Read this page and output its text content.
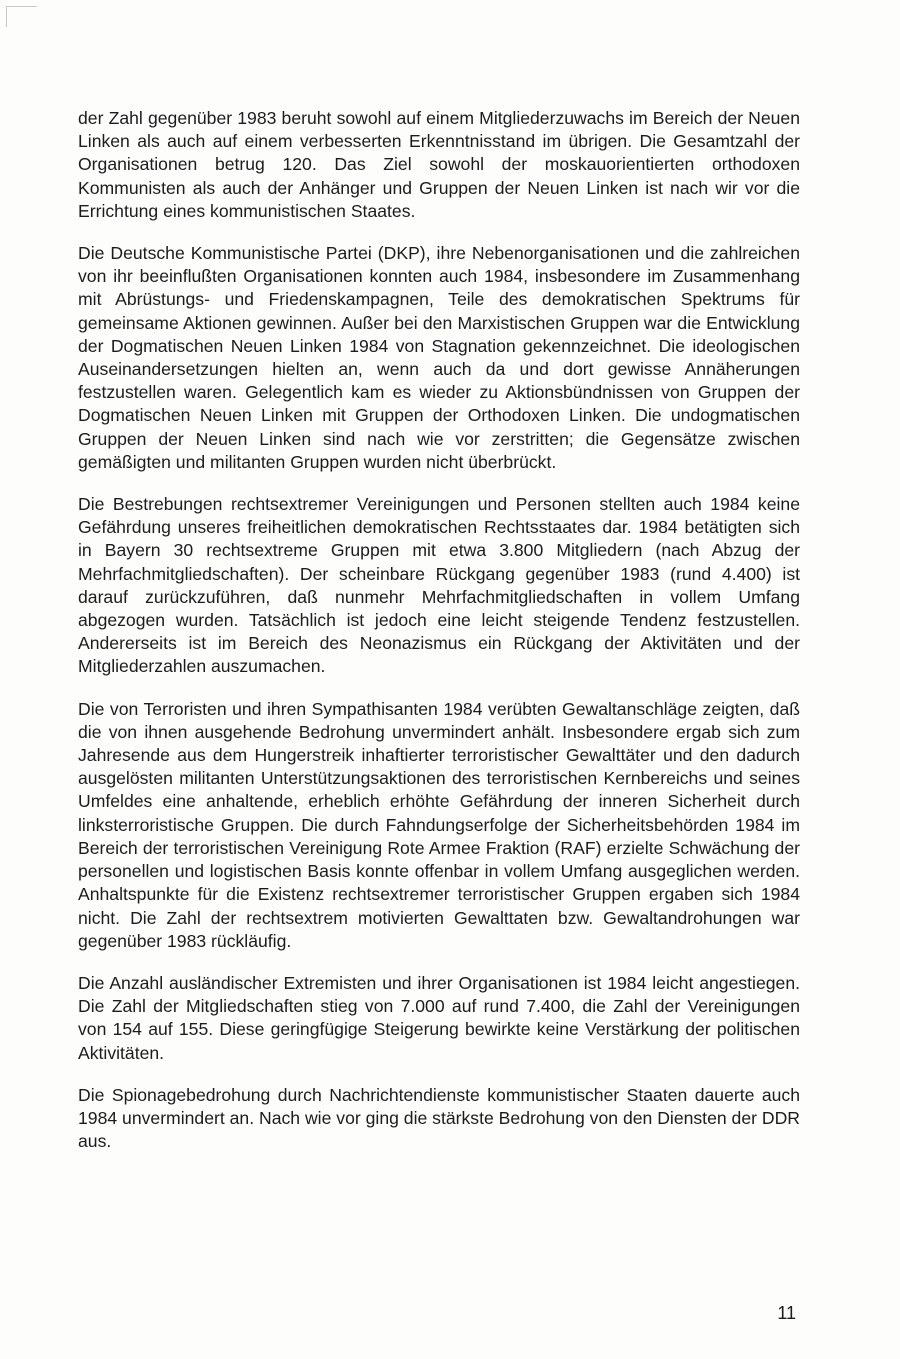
der Zahl gegenüber 1983 beruht sowohl auf einem Mitgliederzuwachs im Bereich der Neuen Linken als auch auf einem verbesserten Erkenntnisstand im übrigen. Die Gesamtzahl der Organisationen betrug 120. Das Ziel sowohl der moskauorientierten orthodoxen Kommunisten als auch der Anhänger und Gruppen der Neuen Linken ist nach wir vor die Errichtung eines kommunistischen Staates.

Die Deutsche Kommunistische Partei (DKP), ihre Nebenorganisationen und die zahlreichen von ihr beeinflußten Organisationen konnten auch 1984, insbesondere im Zusammenhang mit Abrüstungs- und Friedenskampagnen, Teile des demokratischen Spektrums für gemeinsame Aktionen gewinnen. Außer bei den Marxistischen Gruppen war die Entwicklung der Dogmatischen Neuen Linken 1984 von Stagnation gekennzeichnet. Die ideologischen Auseinandersetzungen hielten an, wenn auch da und dort gewisse Annäherungen festzustellen waren. Gelegentlich kam es wieder zu Aktionsbündnissen von Gruppen der Dogmatischen Neuen Linken mit Gruppen der Orthodoxen Linken. Die undogmatischen Gruppen der Neuen Linken sind nach wie vor zerstritten; die Gegensätze zwischen gemäßigten und militanten Gruppen wurden nicht überbrückt.

Die Bestrebungen rechtsextremer Vereinigungen und Personen stellten auch 1984 keine Gefährdung unseres freiheitlichen demokratischen Rechtsstaates dar. 1984 betätigten sich in Bayern 30 rechtsextreme Gruppen mit etwa 3.800 Mitgliedern (nach Abzug der Mehrfachmitgliedschaften). Der scheinbare Rückgang gegenüber 1983 (rund 4.400) ist darauf zurückzuführen, daß nunmehr Mehrfachmitgliedschaften in vollem Umfang abgezogen wurden. Tatsächlich ist jedoch eine leicht steigende Tendenz festzustellen. Andererseits ist im Bereich des Neonazismus ein Rückgang der Aktivitäten und der Mitgliederzahlen auszumachen.

Die von Terroristen und ihren Sympathisanten 1984 verübten Gewaltanschläge zeigten, daß die von ihnen ausgehende Bedrohung unvermindert anhält. Insbesondere ergab sich zum Jahresende aus dem Hungerstreik inhaftierter terroristischer Gewalttäter und den dadurch ausgelösten militanten Unterstützungsaktionen des terroristischen Kernbereichs und seines Umfeldes eine anhaltende, erheblich erhöhte Gefährdung der inneren Sicherheit durch linksterroristische Gruppen. Die durch Fahndungserfolge der Sicherheitsbehörden 1984 im Bereich der terroristischen Vereinigung Rote Armee Fraktion (RAF) erzielte Schwächung der personellen und logistischen Basis konnte offenbar in vollem Umfang ausgeglichen werden. Anhaltspunkte für die Existenz rechtsextremer terroristischer Gruppen ergaben sich 1984 nicht. Die Zahl der rechtsextrem motivierten Gewalttaten bzw. Gewaltandrohungen war gegenüber 1983 rückläufig.

Die Anzahl ausländischer Extremisten und ihrer Organisationen ist 1984 leicht angestiegen. Die Zahl der Mitgliedschaften stieg von 7.000 auf rund 7.400, die Zahl der Vereinigungen von 154 auf 155. Diese geringfügige Steigerung bewirkte keine Verstärkung der politischen Aktivitäten.

Die Spionagebedrohung durch Nachrichtendienste kommunistischer Staaten dauerte auch 1984 unvermindert an. Nach wie vor ging die stärkste Bedrohung von den Diensten der DDR aus.

11
